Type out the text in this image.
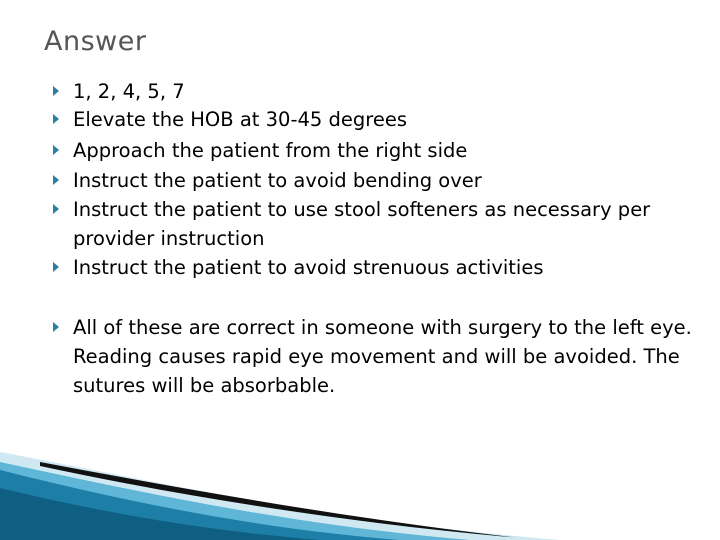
Answer
1, 2, 4, 5, 7
Elevate the HOB at 30-45 degrees
Approach the patient from the right side
Instruct the patient to avoid bending over
Instruct the patient to use stool softeners as necessary per provider instruction
Instruct the patient to avoid strenuous activities
All of these are correct in someone with surgery to the left eye. Reading causes rapid eye movement and will be avoided. The sutures will be absorbable.
